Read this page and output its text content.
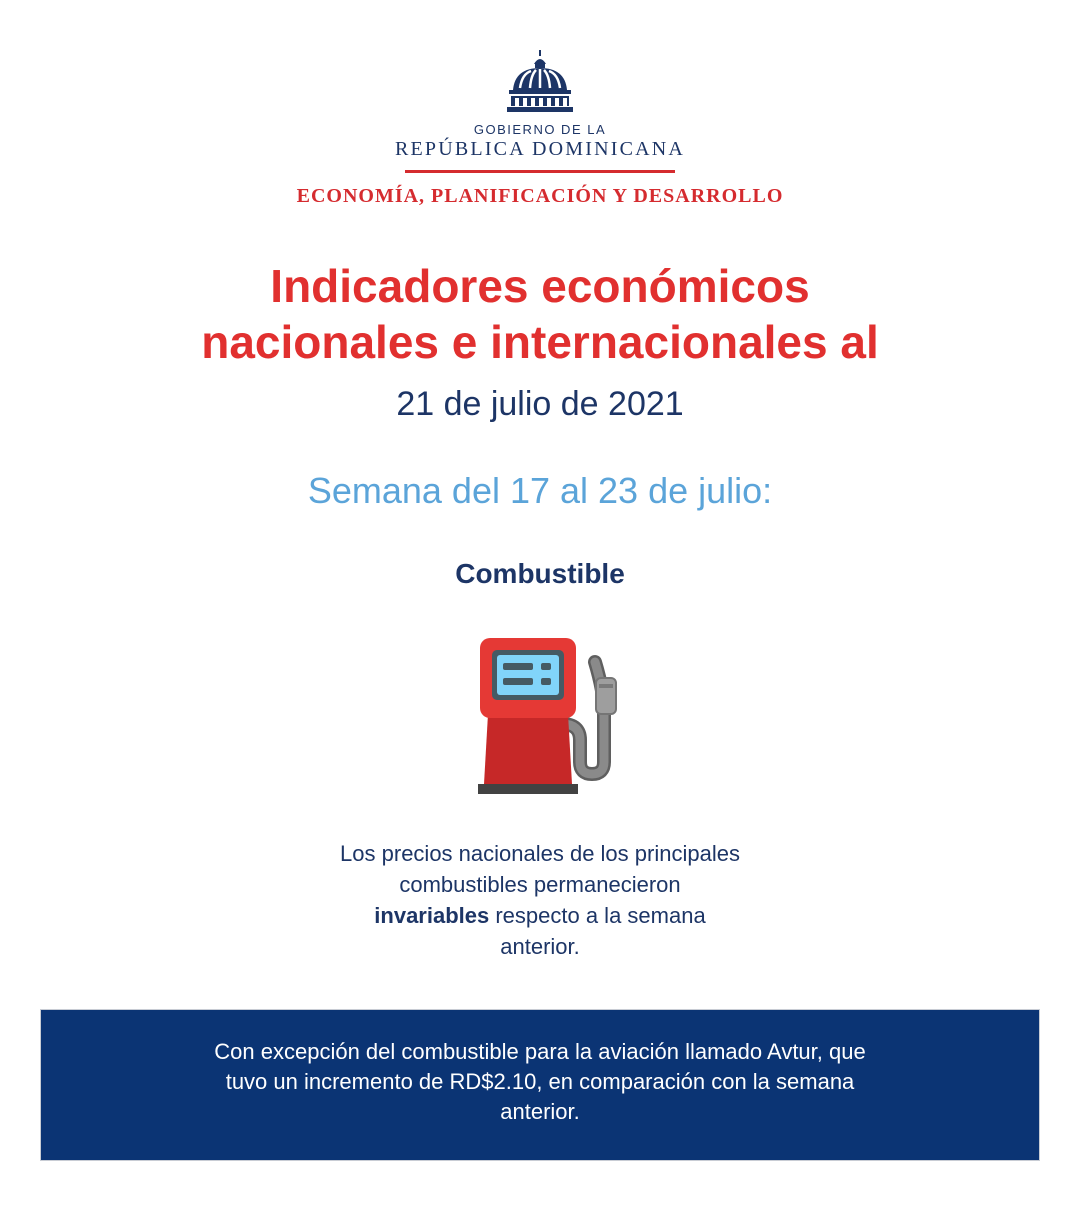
GOBIERNO DE LA
REPÚBLICA DOMINICANA
ECONOMÍA, PLANIFICACIÓN Y DESARROLLO
Indicadores económicos
nacionales e internacionales al
21 de julio de 2021
Semana del 17 al 23 de julio:
Combustible
Los precios nacionales de los principales combustibles permanecieron invariables respecto a la semana anterior.
Con excepción del combustible para la aviación llamado Avtur, que tuvo un incremento de RD$2.10, en comparación con la semana anterior.
